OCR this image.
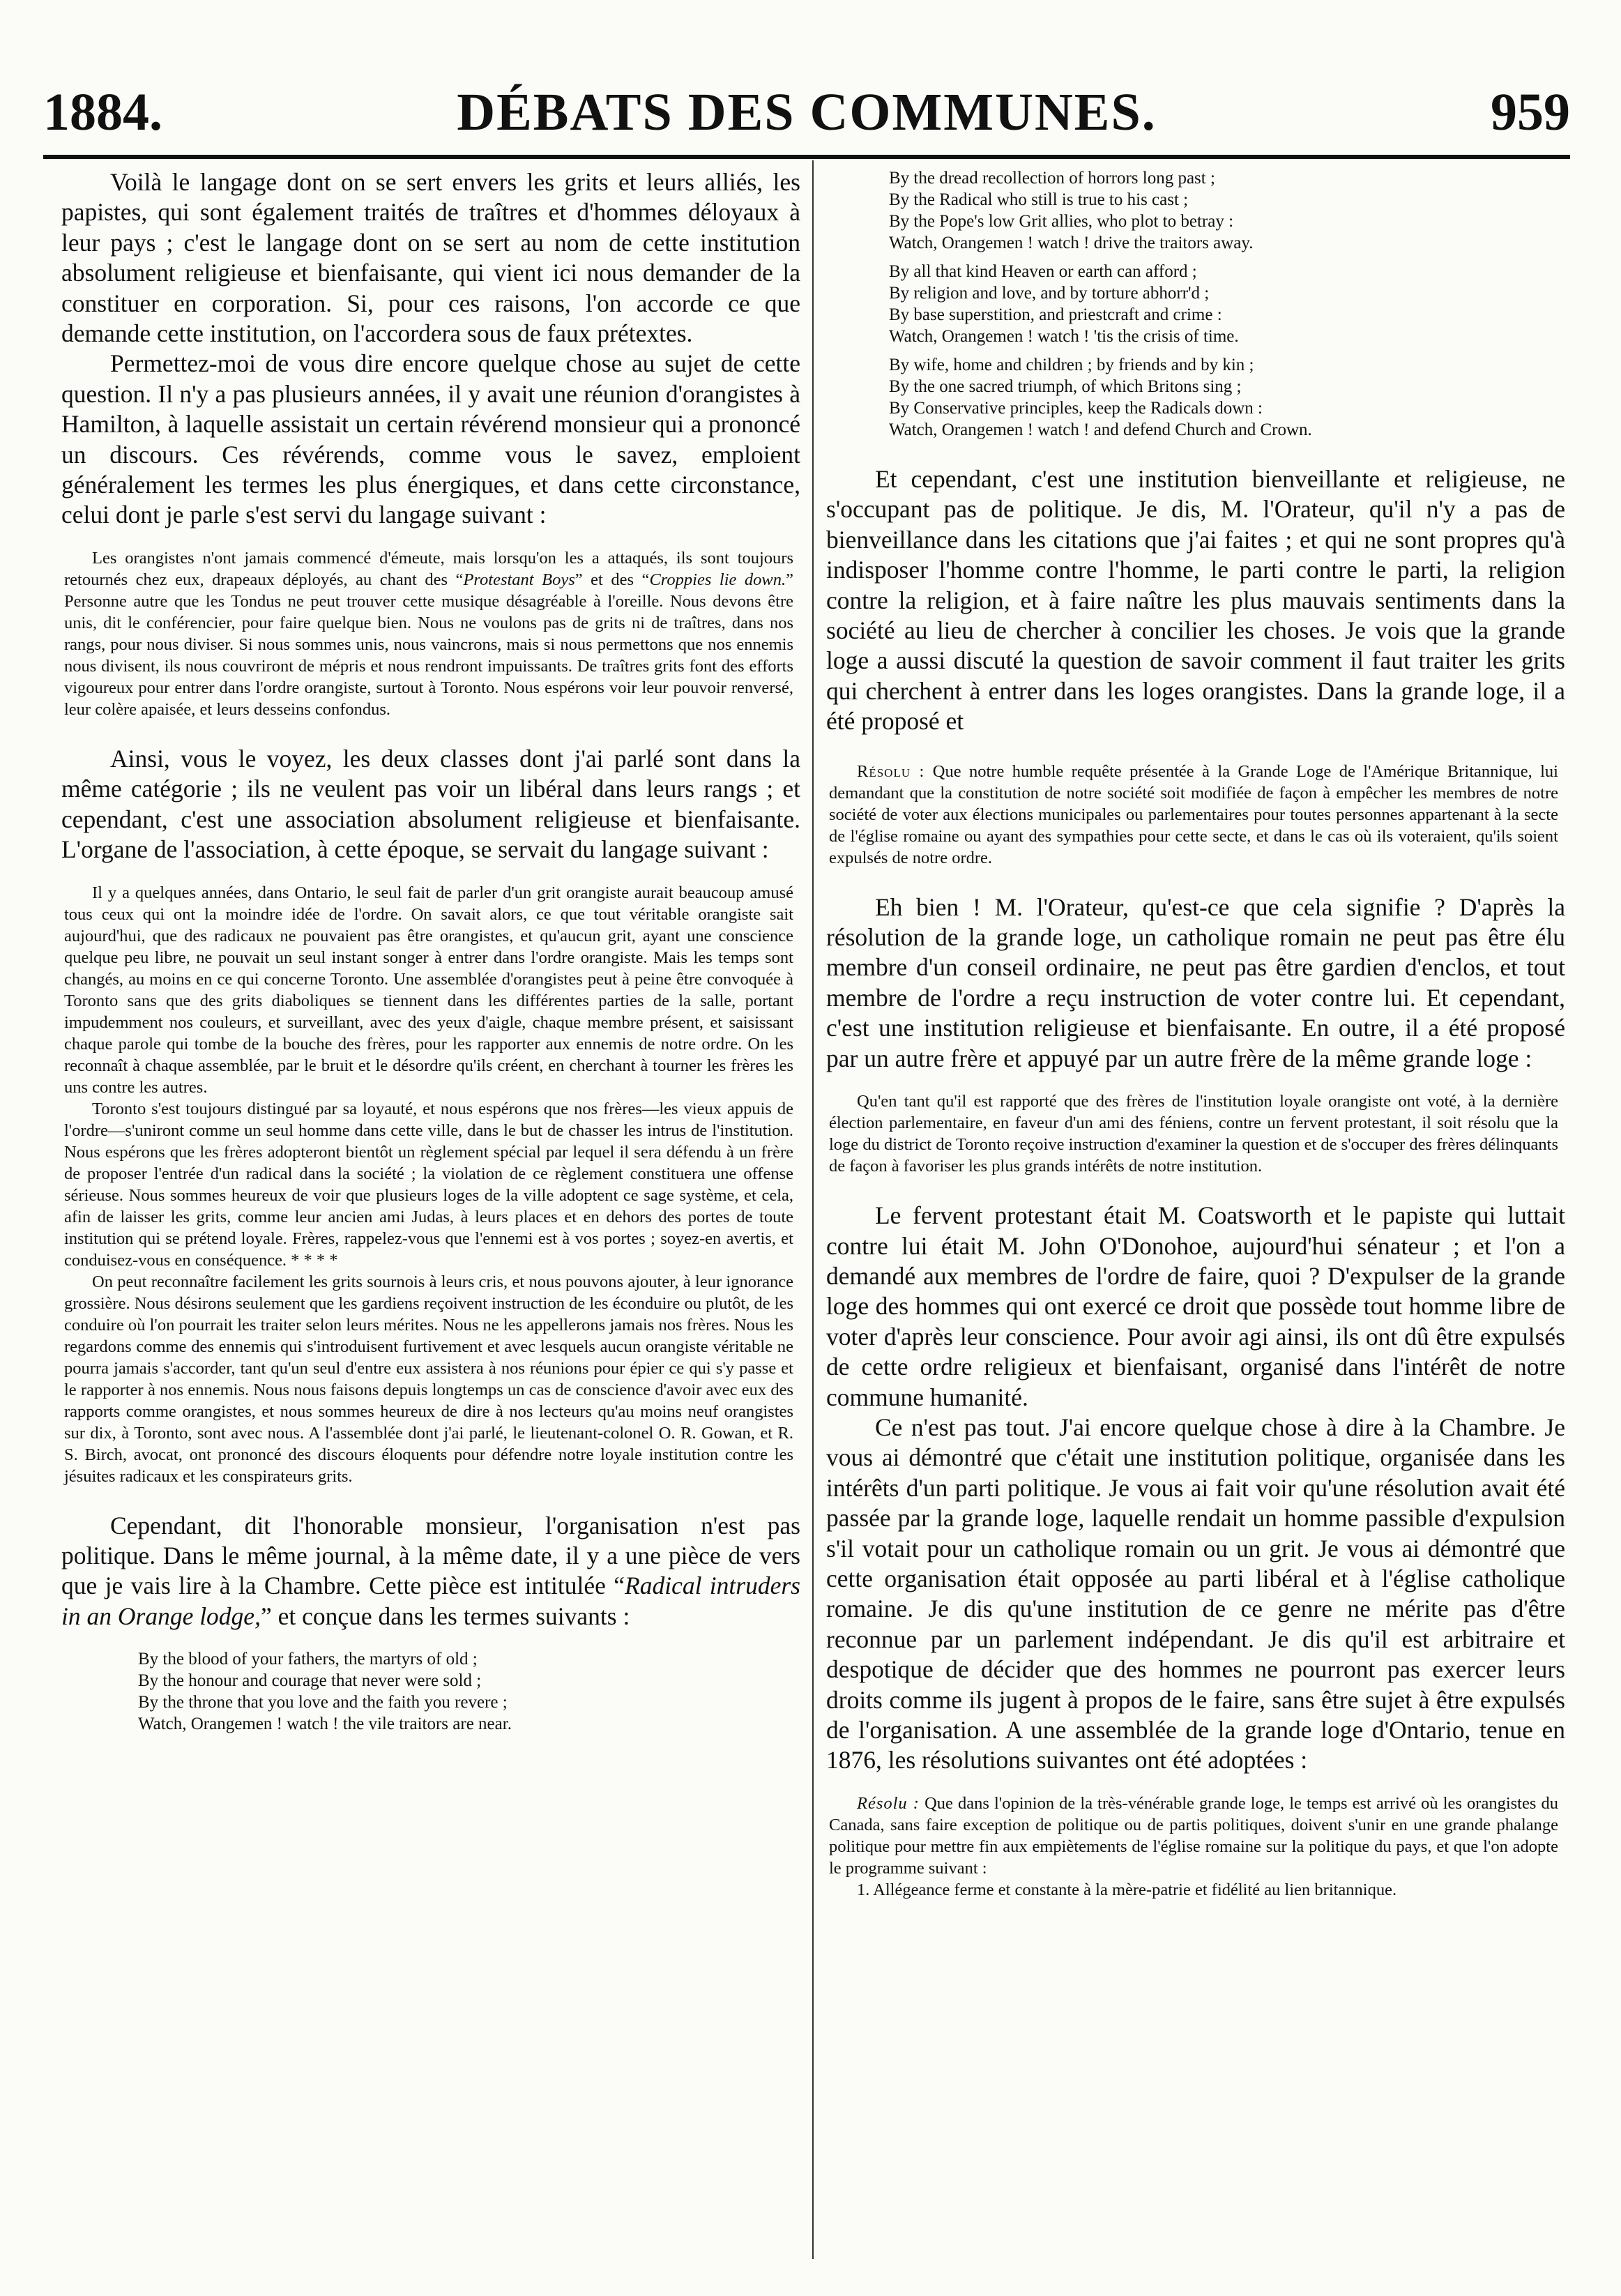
1884.	DÉBATS DES COMMUNES.	959

Voilà le langage dont on se sert envers les grits et leurs alliés, les papistes, qui sont également traités de traîtres et d'hommes déloyaux à leur pays ; c'est le langage dont on se sert au nom de cette institution absolument religieuse et bienfaisante, qui vient ici nous demander de la constituer en corporation. Si, pour ces raisons, l'on accorde ce que demande cette institution, on l'accordera sous de faux prétextes.

Permettez-moi de vous dire encore quelque chose au sujet de cette question. Il n'y a pas plusieurs années, il y avait une réunion d'orangistes à Hamilton, à laquelle assistait un certain révérend monsieur qui a prononcé un discours. Ces révérends, comme vous le savez, emploient généralement les termes les plus énergiques, et dans cette circonstance, celui dont je parle s'est servi du langage suivant :

Les orangistes n'ont jamais commencé d'émeute, mais lorsqu'on les a attaqués, ils sont toujours retournés chez eux, drapeaux déployés, au chant des “Protestant Boys” et des “Croppies lie down.” Personne autre que les Tondus ne peut trouver cette musique désagréable à l'oreille. Nous devons être unis, dit le conférencier, pour faire quelque bien. Nous ne voulons pas de grits ni de traîtres, dans nos rangs, pour nous diviser. Si nous sommes unis, nous vaincrons, mais si nous permettons que nos ennemis nous divisent, ils nous couvriront de mépris et nous rendront impuissants. De traîtres grits font des efforts vigoureux pour entrer dans l'ordre orangiste, surtout à Toronto. Nous espérons voir leur pouvoir renversé, leur colère apaisée, et leurs desseins confondus.

Ainsi, vous le voyez, les deux classes dont j'ai parlé sont dans la même catégorie ; ils ne veulent pas voir un libéral dans leurs rangs ; et cependant, c'est une association absolument religieuse et bienfaisante. L'organe de l'association, à cette époque, se servait du langage suivant :

Il y a quelques années, dans Ontario, le seul fait de parler d'un grit orangiste aurait beaucoup amusé tous ceux qui ont la moindre idée de l'ordre. On savait alors, ce que tout véritable orangiste sait aujourd'hui, que des radicaux ne pouvaient pas être orangistes, et qu'aucun grit, ayant une conscience quelque peu libre, ne pouvait un seul instant songer à entrer dans l'ordre orangiste. Mais les temps sont changés, au moins en ce qui concerne Toronto. Une assemblée d'orangistes peut à peine être convoquée à Toronto sans que des grits diaboliques se tiennent dans les différentes parties de la salle, portant impudemment nos couleurs, et surveillant, avec des yeux d'aigle, chaque membre présent, et saisissant chaque parole qui tombe de la bouche des frères, pour les rapporter aux ennemis de notre ordre. On les reconnaît à chaque assemblée, par le bruit et le désordre qu'ils créent, en cherchant à tourner les frères les uns contre les autres.

Toronto s'est toujours distingué par sa loyauté, et nous espérons que nos frères—les vieux appuis de l'ordre—s'uniront comme un seul homme dans cette ville, dans le but de chasser les intrus de l'institution. Nous espérons que les frères adopteront bientôt un règlement spécial par lequel il sera défendu à un frère de proposer l'entrée d'un radical dans la société ; la violation de ce règlement constituera une offense sérieuse. Nous sommes heureux de voir que plusieurs loges de la ville adoptent ce sage système, et cela, afin de laisser les grits, comme leur ancien ami Judas, à leurs places et en dehors des portes de toute institution qui se prétend loyale. Frères, rappelez-vous que l'ennemi est à vos portes ; soyez-en avertis, et conduisez-vous en conséquence. * * * *

On peut reconnaître facilement les grits sournois à leurs cris, et nous pouvons ajouter, à leur ignorance grossière. Nous désirons seulement que les gardiens reçoivent instruction de les éconduire ou plutôt, de les conduire où l'on pourrait les traiter selon leurs mérites. Nous ne les appellerons jamais nos frères. Nous les regardons comme des ennemis qui s'introduisent furtivement et avec lesquels aucun orangiste véritable ne pourra jamais s'accorder, tant qu'un seul d'entre eux assistera à nos réunions pour épier ce qui s'y passe et le rapporter à nos ennemis. Nous nous faisons depuis longtemps un cas de conscience d'avoir avec eux des rapports comme orangistes, et nous sommes heureux de dire à nos lecteurs qu'au moins neuf orangistes sur dix, à Toronto, sont avec nous. A l'assemblée dont j'ai parlé, le lieutenant-colonel O. R. Gowan, et R. S. Birch, avocat, ont prononcé des discours éloquents pour défendre notre loyale institution contre les jésuites radicaux et les conspirateurs grits.

Cependant, dit l'honorable monsieur, l'organisation n'est pas politique. Dans le même journal, à la même date, il y a une pièce de vers que je vais lire à la Chambre. Cette pièce est intitulée “Radical intruders in an Orange lodge,” et conçue dans les termes suivants :

By the blood of your fathers, the martyrs of old ;
By the honour and courage that never were sold ;
By the throne that you love and the faith you revere ;
Watch, Orangemen ! watch ! the vile traitors are near.
By the dread recollection of horrors long past ;
By the Radical who still is true to his cast ;
By the Pope's low Grit allies, who plot to betray :
Watch, Orangemen ! watch ! drive the traitors away.
By all that kind Heaven or earth can afford ;
By religion and love, and by torture abhorr'd ;
By base superstition, and priestcraft and crime :
Watch, Orangemen ! watch ! 'tis the crisis of time.
By wife, home and children ; by friends and by kin ;
By the one sacred triumph, of which Britons sing ;
By Conservative principles, keep the Radicals down :
Watch, Orangemen ! watch ! and defend Church and Crown.

Et cependant, c'est une institution bienveillante et religieuse, ne s'occupant pas de politique. Je dis, M. l'Orateur, qu'il n'y a pas de bienveillance dans les citations que j'ai faites ; et qui ne sont propres qu'à indisposer l'homme contre l'homme, le parti contre le parti, la religion contre la religion, et à faire naître les plus mauvais sentiments dans la société au lieu de chercher à concilier les choses. Je vois que la grande loge a aussi discuté la question de savoir comment il faut traiter les grits qui cherchent à entrer dans les loges orangistes. Dans la grande loge, il a été proposé et

Résolu : Que notre humble requête présentée à la Grande Loge de l'Amérique Britannique, lui demandant que la constitution de notre société soit modifiée de façon à empêcher les membres de notre société de voter aux élections municipales ou parlementaires pour toutes personnes appartenant à la secte de l'église romaine ou ayant des sympathies pour cette secte, et dans le cas où ils voteraient, qu'ils soient expulsés de notre ordre.

Eh bien ! M. l'Orateur, qu'est-ce que cela signifie ? D'après la résolution de la grande loge, un catholique romain ne peut pas être élu membre d'un conseil ordinaire, ne peut pas être gardien d'enclos, et tout membre de l'ordre a reçu instruction de voter contre lui. Et cependant, c'est une institution religieuse et bienfaisante. En outre, il a été proposé par un autre frère et appuyé par un autre frère de la même grande loge :

Qu'en tant qu'il est rapporté que des frères de l'institution loyale orangiste ont voté, à la dernière élection parlementaire, en faveur d'un ami des féniens, contre un fervent protestant, il soit résolu que la loge du district de Toronto reçoive instruction d'examiner la question et de s'occuper des frères délinquants de façon à favoriser les plus grands intérêts de notre institution.

Le fervent protestant était M. Coatsworth et le papiste qui luttait contre lui était M. John O'Donohoe, aujourd'hui sénateur ; et l'on a demandé aux membres de l'ordre de faire, quoi ? D'expulser de la grande loge des hommes qui ont exercé ce droit que possède tout homme libre de voter d'après leur conscience. Pour avoir agi ainsi, ils ont dû être expulsés de cette ordre religieux et bienfaisant, organisé dans l'intérêt de notre commune humanité.

Ce n'est pas tout. J'ai encore quelque chose à dire à la Chambre. Je vous ai démontré que c'était une institution politique, organisée dans les intérêts d'un parti politique. Je vous ai fait voir qu'une résolution avait été passée par la grande loge, laquelle rendait un homme passible d'expulsion s'il votait pour un catholique romain ou un grit. Je vous ai démontré que cette organisation était opposée au parti libéral et à l'église catholique romaine. Je dis qu'une institution de ce genre ne mérite pas d'être reconnue par un parlement indépendant. Je dis qu'il est arbitraire et despotique de décider que des hommes ne pourront pas exercer leurs droits comme ils jugent à propos de le faire, sans être sujet à être expulsés de l'organisation. A une assemblée de la grande loge d'Ontario, tenue en 1876, les résolutions suivantes ont été adoptées :

Résolu : Que dans l'opinion de la très-vénérable grande loge, le temps est arrivé où les orangistes du Canada, sans faire exception de politique ou de partis politiques, doivent s'unir en une grande phalange politique pour mettre fin aux empiètements de l'église romaine sur la politique du pays, et que l'on adopte le programme suivant :

1. Allégeance ferme et constante à la mère-patrie et fidélité au lien britannique.
